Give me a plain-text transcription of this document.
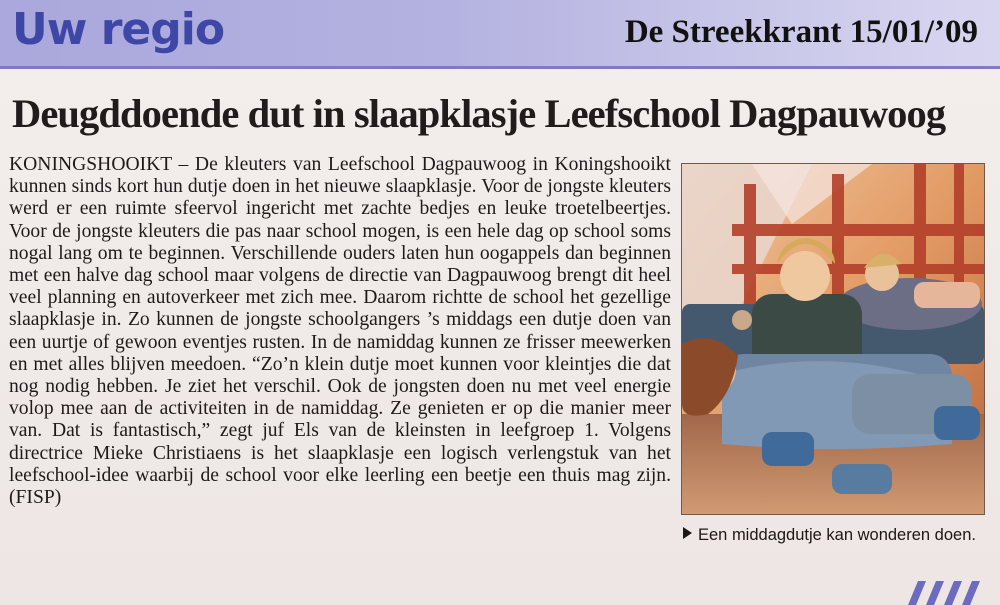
Uw regio	De Streekkrant 15/01/’09
Deugddoende dut in slaapklasje Leefschool Dagpauwoog
KONINGSHOOIKT – De kleuters van Leefschool Dagpauwoog in Koningshooikt kunnen sinds kort hun dutje doen in het nieuwe slaapklasje. Voor de jongste kleuters werd er een ruimte sfeervol ingericht met zachte bedjes en leuke troetelbeertjes. Voor de jongste kleuters die pas naar school mogen, is een hele dag op school soms nogal lang om te beginnen. Verschillende ouders laten hun oogappels dan beginnen met een halve dag school maar volgens de directie van Dagpauwoog brengt dit heel veel planning en autoverkeer met zich mee. Daarom richtte de school het gezellige slaapklasje in. Zo kunnen de jongste schoolgangers ’s middags een dutje doen van een uurtje of gewoon eventjes rusten. In de namiddag kunnen ze frisser meewerken en met alles blijven meedoen. “Zo’n klein dutje moet kunnen voor kleintjes die dat nog nodig hebben. Je ziet het verschil. Ook de jongsten doen nu met veel energie volop mee aan de activiteiten in de namiddag. Ze genieten er op die manier meer van. Dat is fantastisch,” zegt juf Els van de kleinsten in leefgroep 1. Volgens directrice Mieke Christiaens is het slaapklasje een logisch verlengstuk van het leefschool-idee waarbij de school voor elke leerling een beetje een thuis mag zijn. (FISP)
Een middagdutje kan wonderen doen.
